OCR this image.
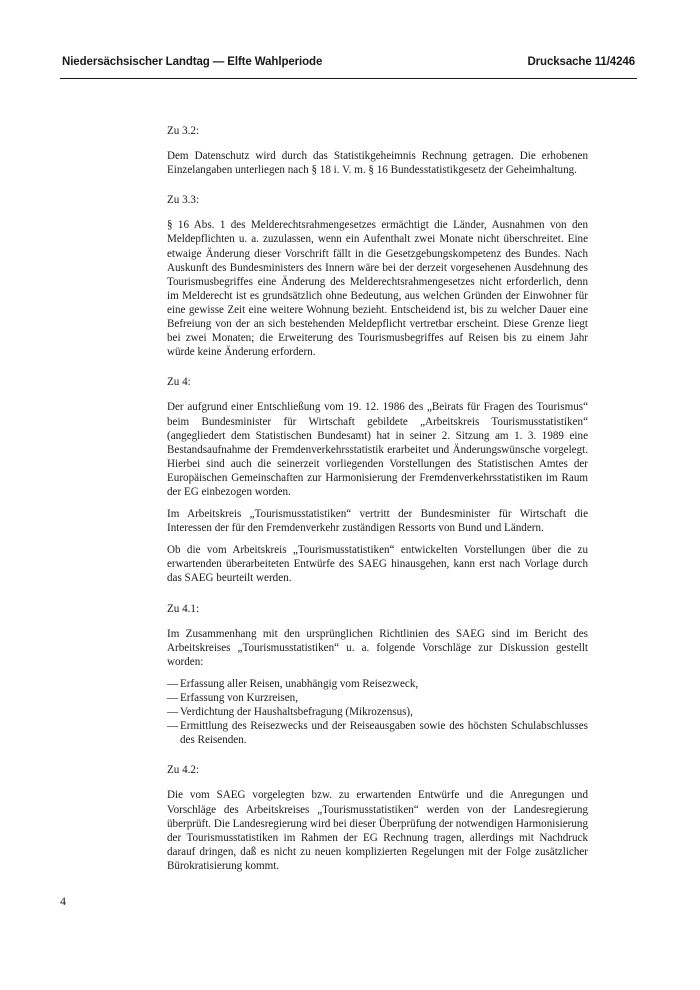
Niedersächsischer Landtag — Elfte Wahlperiode	Drucksache 11/4246

Zu 3.2:

Dem Datenschutz wird durch das Statistikgeheimnis Rechnung getragen. Die erhobenen Einzelangaben unterliegen nach § 18 i. V. m. § 16 Bundesstatistikgesetz der Geheimhaltung.

Zu 3.3:

§ 16 Abs. 1 des Melderechtsrahmengesetzes ermächtigt die Länder, Ausnahmen von den Meldepflichten u. a. zuzulassen, wenn ein Aufenthalt zwei Monate nicht überschreitet. Eine etwaige Änderung dieser Vorschrift fällt in die Gesetzgebungskompetenz des Bundes. Nach Auskunft des Bundesministers des Innern wäre bei der derzeit vorgesehenen Ausdehnung des Tourismusbegriffes eine Änderung des Melderechtsrahmengesetzes nicht erforderlich, denn im Melderecht ist es grundsätzlich ohne Bedeutung, aus welchen Gründen der Einwohner für eine gewisse Zeit eine weitere Wohnung bezieht. Entscheidend ist, bis zu welcher Dauer eine Befreiung von der an sich bestehenden Meldepflicht vertretbar erscheint. Diese Grenze liegt bei zwei Monaten; die Erweiterung des Tourismusbegriffes auf Reisen bis zu einem Jahr würde keine Änderung erfordern.

Zu 4:

Der aufgrund einer Entschließung vom 19. 12. 1986 des „Beirats für Fragen des Tourismus“ beim Bundesminister für Wirtschaft gebildete „Arbeitskreis Tourismusstatistiken“ (angegliedert dem Statistischen Bundesamt) hat in seiner 2. Sitzung am 1. 3. 1989 eine Bestandsaufnahme der Fremdenverkehrsstatistik erarbeitet und Änderungswünsche vorgelegt. Hierbei sind auch die seinerzeit vorliegenden Vorstellungen des Statistischen Amtes der Europäischen Gemeinschaften zur Harmonisierung der Fremdenverkehrsstatistiken im Raum der EG einbezogen worden.

Im Arbeitskreis „Tourismusstatistiken“ vertritt der Bundesminister für Wirtschaft die Interessen der für den Fremdenverkehr zuständigen Ressorts von Bund und Ländern.

Ob die vom Arbeitskreis „Tourismusstatistiken“ entwickelten Vorstellungen über die zu erwartenden überarbeiteten Entwürfe des SAEG hinausgehen, kann erst nach Vorlage durch das SAEG beurteilt werden.

Zu 4.1:

Im Zusammenhang mit den ursprünglichen Richtlinien des SAEG sind im Bericht des Arbeitskreises „Tourismusstatistiken“ u. a. folgende Vorschläge zur Diskussion gestellt worden:

— Erfassung aller Reisen, unabhängig vom Reisezweck,
— Erfassung von Kurzreisen,
— Verdichtung der Haushaltsbefragung (Mikrozensus),
— Ermittlung des Reisezwecks und der Reiseausgaben sowie des höchsten Schulabschlusses des Reisenden.

Zu 4.2:

Die vom SAEG vorgelegten bzw. zu erwartenden Entwürfe und die Anregungen und Vorschläge des Arbeitskreises „Tourismusstatistiken“ werden von der Landesregierung überprüft. Die Landesregierung wird bei dieser Überprüfung der notwendigen Harmonisierung der Tourismusstatistiken im Rahmen der EG Rechnung tragen, allerdings mit Nachdruck darauf dringen, daß es nicht zu neuen komplizierten Regelungen mit der Folge zusätzlicher Bürokratisierung kommt.

4
